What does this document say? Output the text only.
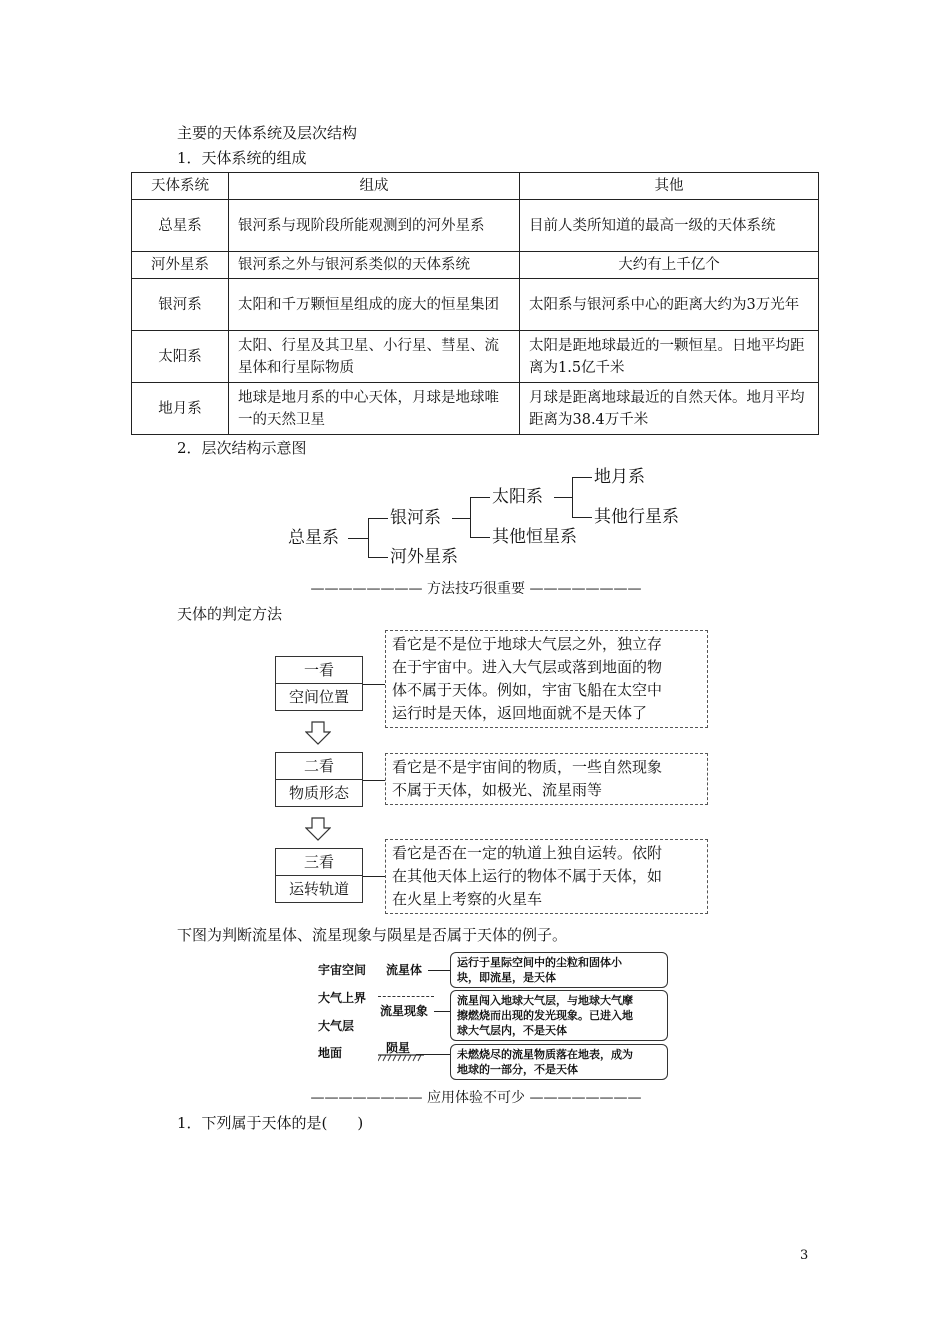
主要的天体系统及层次结构
1．天体系统的组成
天体系统	组成	其他
总星系	银河系与现阶段所能观测到的河外星系	目前人类所知道的最高一级的天体系统
河外星系	银河系之外与银河系类似的天体系统	大约有上千亿个
银河系	太阳和千万颗恒星组成的庞大的恒星集团	太阳系与银河系中心的距离大约为3万光年
太阳系	太阳、行星及其卫星、小行星、彗星、流星体和行星际物质	太阳是距地球最近的一颗恒星。日地平均距离为1.5亿千米
地月系	地球是地月系的中心天体，月球是地球唯一的天然卫星	月球是距离地球最近的自然天体。地月平均距离为38.4万千米
2．层次结构示意图
总星系
银河系
河外星系
太阳系
其他恒星系
地月系
其他行星系
———————— 方法技巧很重要 ————————
天体的判定方法
一看
空间位置
看它是不是位于地球大气层之外，独立存
在于宇宙中。进入大气层或落到地面的物
体不属于天体。例如，宇宙飞船在太空中
运行时是天体，返回地面就不是天体了
二看
物质形态
看它是不是宇宙间的物质，一些自然现象
不属于天体，如极光、流星雨等
三看
运转轨道
看它是否在一定的轨道上独自运转。依附
在其他天体上运行的物体不属于天体，如
在火星上考察的火星车
下图为判断流星体、流星现象与陨星是否属于天体的例子。
宇宙空间 流星体
运行于星际空间中的尘粒和固体小
块，即流星，是天体
大气上界
流星现象
流星闯入地球大气层，与地球大气摩
擦燃烧而出现的发光现象。已进入地
球大气层内，不是天体
大气层
地面	陨星	未燃烧尽的流星物质落在地表，成为
地球的一部分，不是天体
———————— 应用体验不可少 ————————
1．下列属于天体的是(　　)
3
